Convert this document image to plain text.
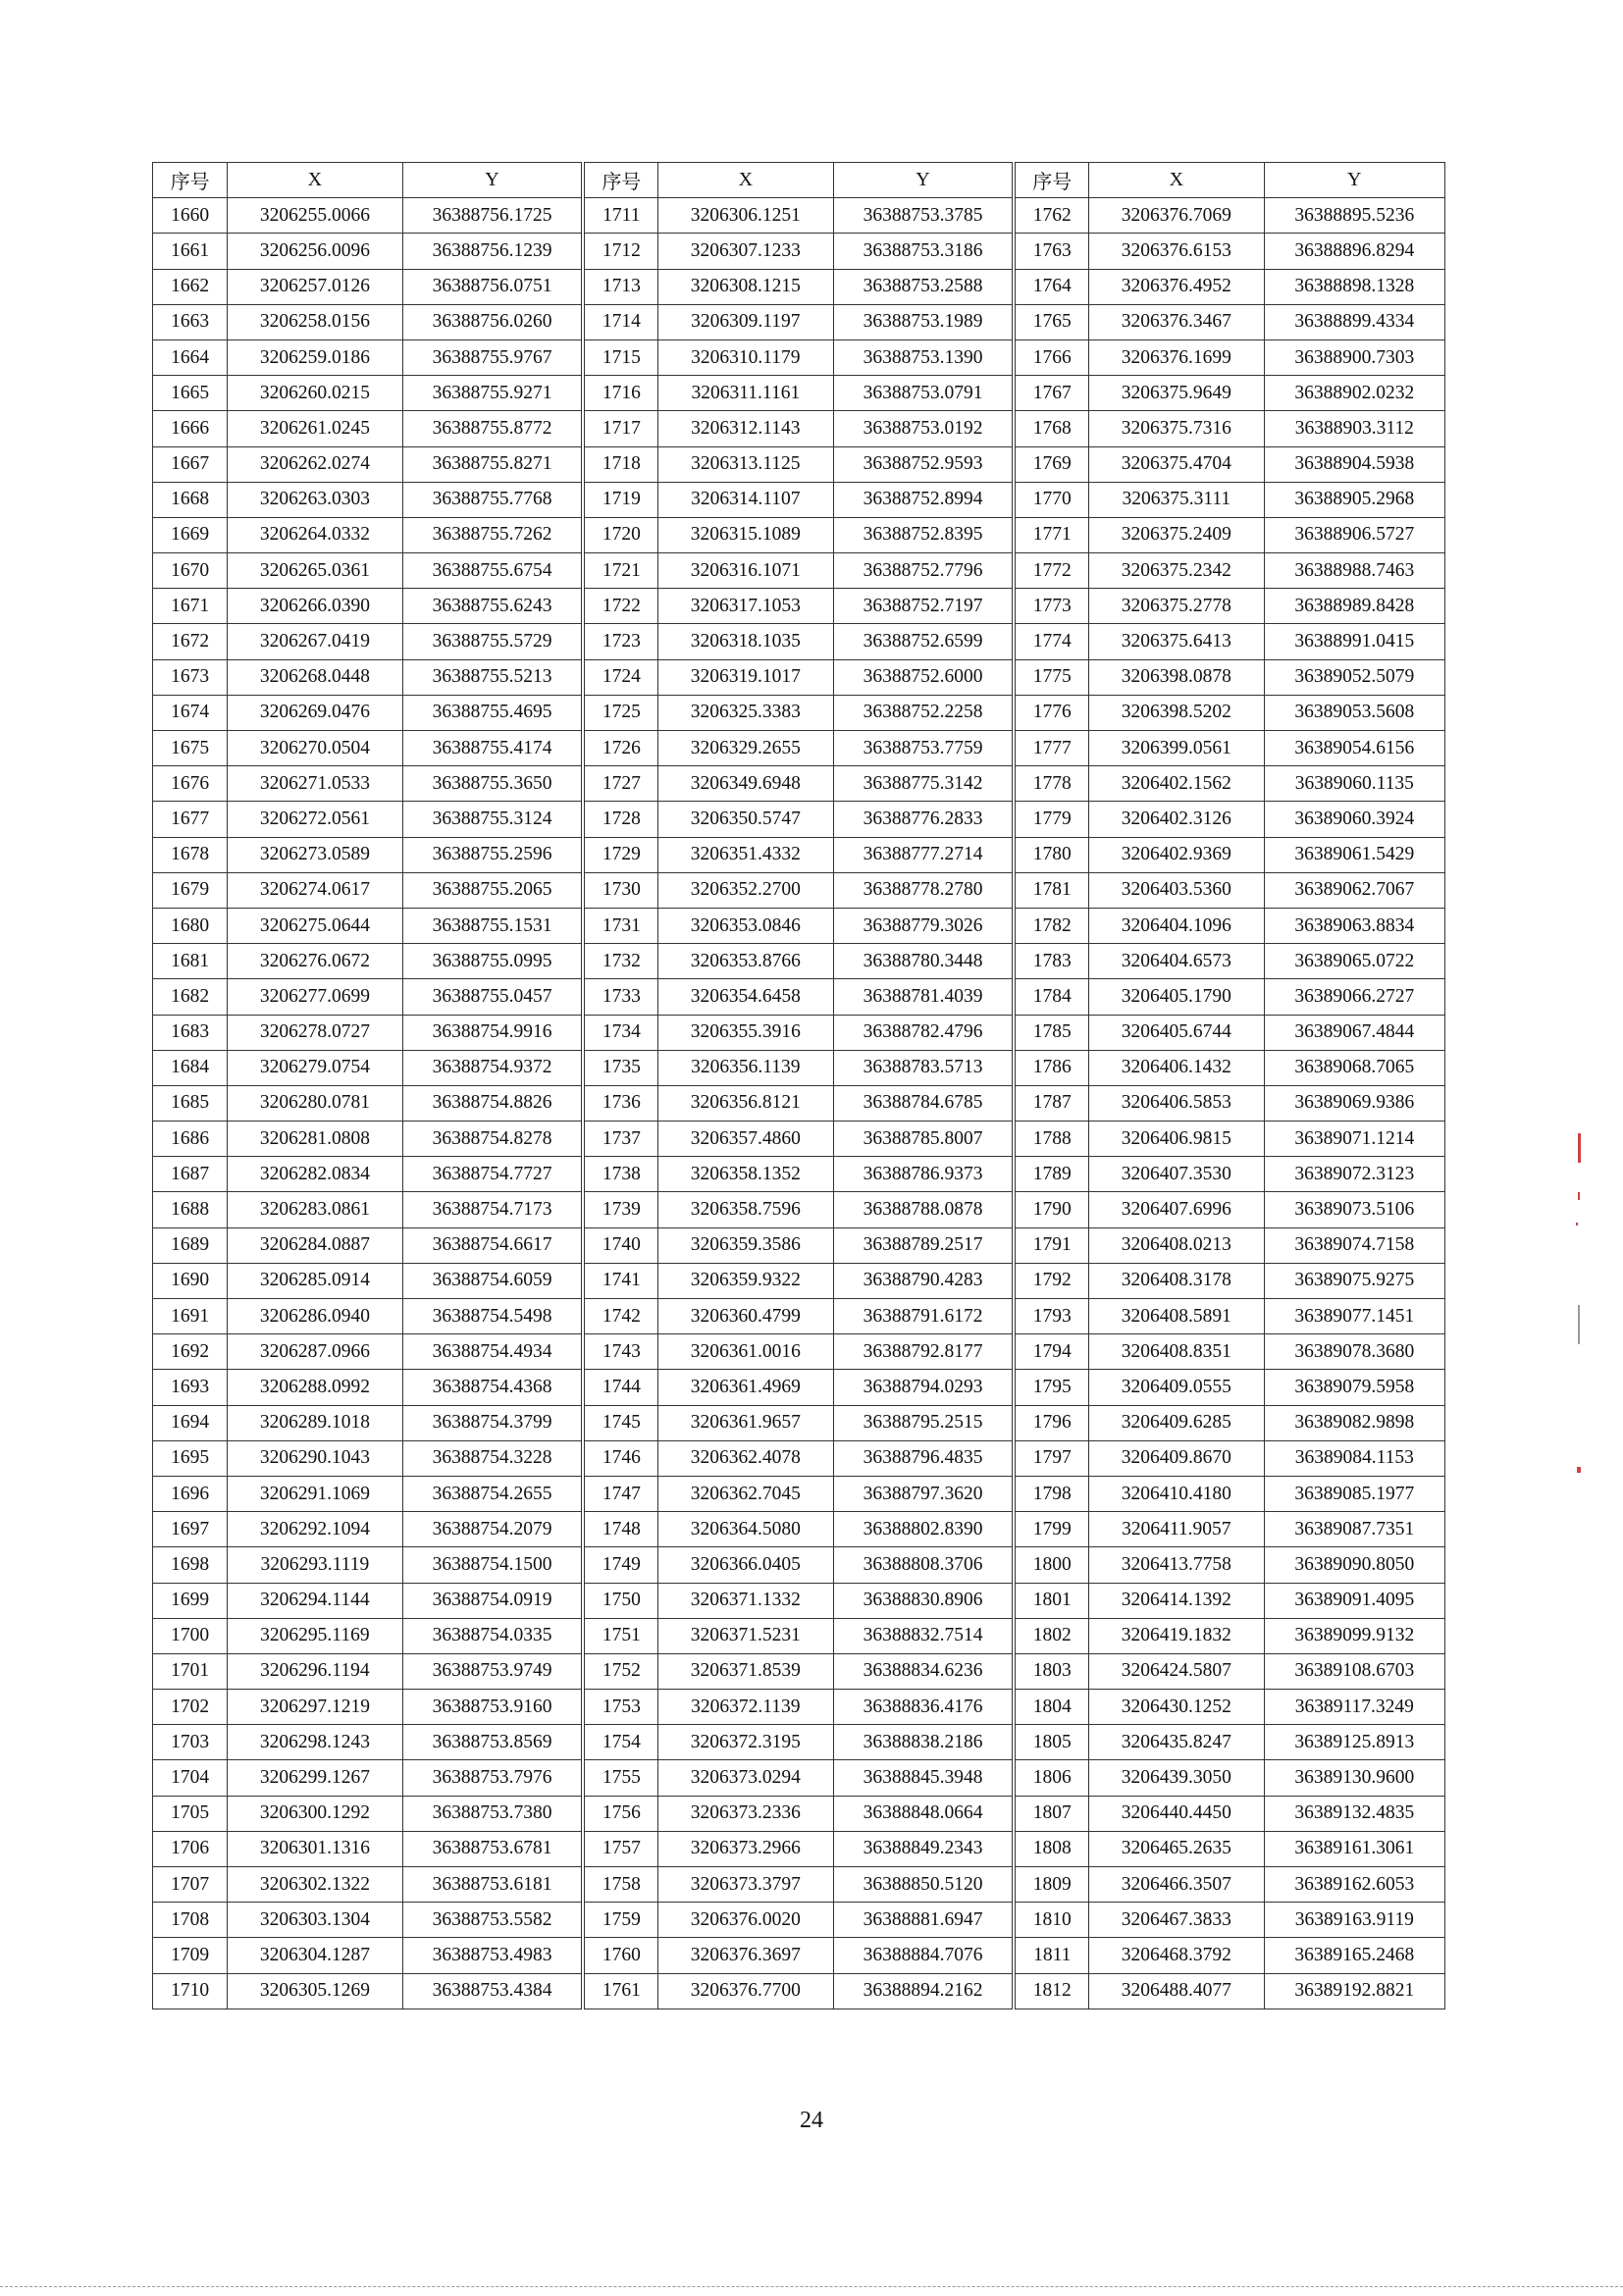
序号	X	Y	序号	X	Y	序号	X	Y
1660	3206255.0066	36388756.1725	1711	3206306.1251	36388753.3785	1762	3206376.7069	36388895.5236
1661	3206256.0096	36388756.1239	1712	3206307.1233	36388753.3186	1763	3206376.6153	36388896.8294
1662	3206257.0126	36388756.0751	1713	3206308.1215	36388753.2588	1764	3206376.4952	36388898.1328
1663	3206258.0156	36388756.0260	1714	3206309.1197	36388753.1989	1765	3206376.3467	36388899.4334
1664	3206259.0186	36388755.9767	1715	3206310.1179	36388753.1390	1766	3206376.1699	36388900.7303
1665	3206260.0215	36388755.9271	1716	3206311.1161	36388753.0791	1767	3206375.9649	36388902.0232
1666	3206261.0245	36388755.8772	1717	3206312.1143	36388753.0192	1768	3206375.7316	36388903.3112
1667	3206262.0274	36388755.8271	1718	3206313.1125	36388752.9593	1769	3206375.4704	36388904.5938
1668	3206263.0303	36388755.7768	1719	3206314.1107	36388752.8994	1770	3206375.3111	36388905.2968
1669	3206264.0332	36388755.7262	1720	3206315.1089	36388752.8395	1771	3206375.2409	36388906.5727
1670	3206265.0361	36388755.6754	1721	3206316.1071	36388752.7796	1772	3206375.2342	36388988.7463
1671	3206266.0390	36388755.6243	1722	3206317.1053	36388752.7197	1773	3206375.2778	36388989.8428
1672	3206267.0419	36388755.5729	1723	3206318.1035	36388752.6599	1774	3206375.6413	36388991.0415
1673	3206268.0448	36388755.5213	1724	3206319.1017	36388752.6000	1775	3206398.0878	36389052.5079
1674	3206269.0476	36388755.4695	1725	3206325.3383	36388752.2258	1776	3206398.5202	36389053.5608
1675	3206270.0504	36388755.4174	1726	3206329.2655	36388753.7759	1777	3206399.0561	36389054.6156
1676	3206271.0533	36388755.3650	1727	3206349.6948	36388775.3142	1778	3206402.1562	36389060.1135
1677	3206272.0561	36388755.3124	1728	3206350.5747	36388776.2833	1779	3206402.3126	36389060.3924
1678	3206273.0589	36388755.2596	1729	3206351.4332	36388777.2714	1780	3206402.9369	36389061.5429
1679	3206274.0617	36388755.2065	1730	3206352.2700	36388778.2780	1781	3206403.5360	36389062.7067
1680	3206275.0644	36388755.1531	1731	3206353.0846	36388779.3026	1782	3206404.1096	36389063.8834
1681	3206276.0672	36388755.0995	1732	3206353.8766	36388780.3448	1783	3206404.6573	36389065.0722
1682	3206277.0699	36388755.0457	1733	3206354.6458	36388781.4039	1784	3206405.1790	36389066.2727
1683	3206278.0727	36388754.9916	1734	3206355.3916	36388782.4796	1785	3206405.6744	36389067.4844
1684	3206279.0754	36388754.9372	1735	3206356.1139	36388783.5713	1786	3206406.1432	36389068.7065
1685	3206280.0781	36388754.8826	1736	3206356.8121	36388784.6785	1787	3206406.5853	36389069.9386
1686	3206281.0808	36388754.8278	1737	3206357.4860	36388785.8007	1788	3206406.9815	36389071.1214
1687	3206282.0834	36388754.7727	1738	3206358.1352	36388786.9373	1789	3206407.3530	36389072.3123
1688	3206283.0861	36388754.7173	1739	3206358.7596	36388788.0878	1790	3206407.6996	36389073.5106
1689	3206284.0887	36388754.6617	1740	3206359.3586	36388789.2517	1791	3206408.0213	36389074.7158
1690	3206285.0914	36388754.6059	1741	3206359.9322	36388790.4283	1792	3206408.3178	36389075.9275
1691	3206286.0940	36388754.5498	1742	3206360.4799	36388791.6172	1793	3206408.5891	36389077.1451
1692	3206287.0966	36388754.4934	1743	3206361.0016	36388792.8177	1794	3206408.8351	36389078.3680
1693	3206288.0992	36388754.4368	1744	3206361.4969	36388794.0293	1795	3206409.0555	36389079.5958
1694	3206289.1018	36388754.3799	1745	3206361.9657	36388795.2515	1796	3206409.6285	36389082.9898
1695	3206290.1043	36388754.3228	1746	3206362.4078	36388796.4835	1797	3206409.8670	36389084.1153
1696	3206291.1069	36388754.2655	1747	3206362.7045	36388797.3620	1798	3206410.4180	36389085.1977
1697	3206292.1094	36388754.2079	1748	3206364.5080	36388802.8390	1799	3206411.9057	36389087.7351
1698	3206293.1119	36388754.1500	1749	3206366.0405	36388808.3706	1800	3206413.7758	36389090.8050
1699	3206294.1144	36388754.0919	1750	3206371.1332	36388830.8906	1801	3206414.1392	36389091.4095
1700	3206295.1169	36388754.0335	1751	3206371.5231	36388832.7514	1802	3206419.1832	36389099.9132
1701	3206296.1194	36388753.9749	1752	3206371.8539	36388834.6236	1803	3206424.5807	36389108.6703
1702	3206297.1219	36388753.9160	1753	3206372.1139	36388836.4176	1804	3206430.1252	36389117.3249
1703	3206298.1243	36388753.8569	1754	3206372.3195	36388838.2186	1805	3206435.8247	36389125.8913
1704	3206299.1267	36388753.7976	1755	3206373.0294	36388845.3948	1806	3206439.3050	36389130.9600
1705	3206300.1292	36388753.7380	1756	3206373.2336	36388848.0664	1807	3206440.4450	36389132.4835
1706	3206301.1316	36388753.6781	1757	3206373.2966	36388849.2343	1808	3206465.2635	36389161.3061
1707	3206302.1322	36388753.6181	1758	3206373.3797	36388850.5120	1809	3206466.3507	36389162.6053
1708	3206303.1304	36388753.5582	1759	3206376.0020	36388881.6947	1810	3206467.3833	36389163.9119
1709	3206304.1287	36388753.4983	1760	3206376.3697	36388884.7076	1811	3206468.3792	36389165.2468
1710	3206305.1269	36388753.4384	1761	3206376.7700	36388894.2162	1812	3206488.4077	36389192.8821
24
